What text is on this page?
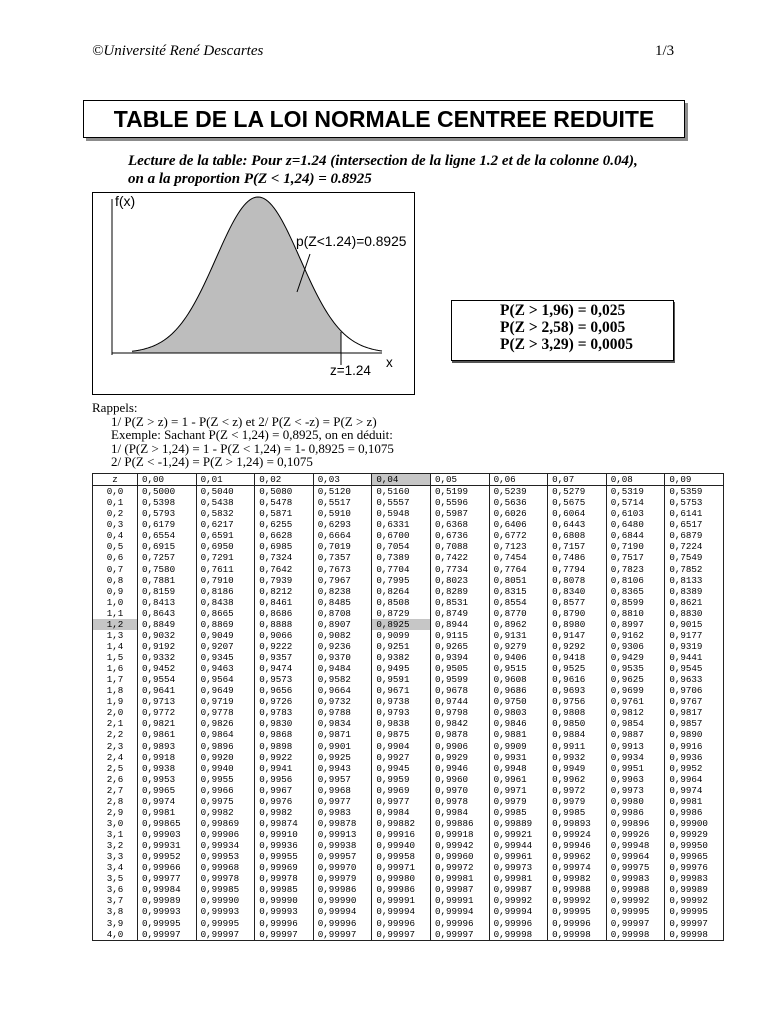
©Université René Descartes	1/3
TABLE DE LA LOI NORMALE CENTREE REDUITE
Lecture de la table: Pour z=1.24 (intersection de la ligne 1.2 et de la colonne 0.04),
on a la proportion P(Z < 1,24) = 0.8925
f(x)
p(Z<1.24)=0.8925
x
z=1.24
P(Z > 1,96) = 0,025
P(Z > 2,58) = 0,005
P(Z > 3,29) = 0,0005
Rappels:
1/ P(Z > z) = 1 - P(Z < z) et 2/ P(Z < -z) = P(Z > z)
Exemple: Sachant P(Z < 1,24) = 0,8925, on en déduit:
1/ (P(Z > 1,24) = 1 - P(Z < 1,24) = 1- 0,8925 = 0,1075
2/ P(Z < -1,24) = P(Z > 1,24) = 0,1075
z	0,00	0,01	0,02	0,03	0,04	0,05	0,06	0,07	0,08	0,09
0,0	0,5000	0,5040	0,5080	0,5120	0,5160	0,5199	0,5239	0,5279	0,5319	0,5359
0,1	0,5398	0,5438	0,5478	0,5517	0,5557	0,5596	0,5636	0,5675	0,5714	0,5753
0,2	0,5793	0,5832	0,5871	0,5910	0,5948	0,5987	0,6026	0,6064	0,6103	0,6141
0,3	0,6179	0,6217	0,6255	0,6293	0,6331	0,6368	0,6406	0,6443	0,6480	0,6517
0,4	0,6554	0,6591	0,6628	0,6664	0,6700	0,6736	0,6772	0,6808	0,6844	0,6879
0,5	0,6915	0,6950	0,6985	0,7019	0,7054	0,7088	0,7123	0,7157	0,7190	0,7224
0,6	0,7257	0,7291	0,7324	0,7357	0,7389	0,7422	0,7454	0,7486	0,7517	0,7549
0,7	0,7580	0,7611	0,7642	0,7673	0,7704	0,7734	0,7764	0,7794	0,7823	0,7852
0,8	0,7881	0,7910	0,7939	0,7967	0,7995	0,8023	0,8051	0,8078	0,8106	0,8133
0,9	0,8159	0,8186	0,8212	0,8238	0,8264	0,8289	0,8315	0,8340	0,8365	0,8389
1,0	0,8413	0,8438	0,8461	0,8485	0,8508	0,8531	0,8554	0,8577	0,8599	0,8621
1,1	0,8643	0,8665	0,8686	0,8708	0,8729	0,8749	0,8770	0,8790	0,8810	0,8830
1,2	0,8849	0,8869	0,8888	0,8907	0,8925	0,8944	0,8962	0,8980	0,8997	0,9015
1,3	0,9032	0,9049	0,9066	0,9082	0,9099	0,9115	0,9131	0,9147	0,9162	0,9177
1,4	0,9192	0,9207	0,9222	0,9236	0,9251	0,9265	0,9279	0,9292	0,9306	0,9319
1,5	0,9332	0,9345	0,9357	0,9370	0,9382	0,9394	0,9406	0,9418	0,9429	0,9441
1,6	0,9452	0,9463	0,9474	0,9484	0,9495	0,9505	0,9515	0,9525	0,9535	0,9545
1,7	0,9554	0,9564	0,9573	0,9582	0,9591	0,9599	0,9608	0,9616	0,9625	0,9633
1,8	0,9641	0,9649	0,9656	0,9664	0,9671	0,9678	0,9686	0,9693	0,9699	0,9706
1,9	0,9713	0,9719	0,9726	0,9732	0,9738	0,9744	0,9750	0,9756	0,9761	0,9767
2,0	0,9772	0,9778	0,9783	0,9788	0,9793	0,9798	0,9803	0,9808	0,9812	0,9817
2,1	0,9821	0,9826	0,9830	0,9834	0,9838	0,9842	0,9846	0,9850	0,9854	0,9857
2,2	0,9861	0,9864	0,9868	0,9871	0,9875	0,9878	0,9881	0,9884	0,9887	0,9890
2,3	0,9893	0,9896	0,9898	0,9901	0,9904	0,9906	0,9909	0,9911	0,9913	0,9916
2,4	0,9918	0,9920	0,9922	0,9925	0,9927	0,9929	0,9931	0,9932	0,9934	0,9936
2,5	0,9938	0,9940	0,9941	0,9943	0,9945	0,9946	0,9948	0,9949	0,9951	0,9952
2,6	0,9953	0,9955	0,9956	0,9957	0,9959	0,9960	0,9961	0,9962	0,9963	0,9964
2,7	0,9965	0,9966	0,9967	0,9968	0,9969	0,9970	0,9971	0,9972	0,9973	0,9974
2,8	0,9974	0,9975	0,9976	0,9977	0,9977	0,9978	0,9979	0,9979	0,9980	0,9981
2,9	0,9981	0,9982	0,9982	0,9983	0,9984	0,9984	0,9985	0,9985	0,9986	0,9986
3,0	0,99865	0,99869	0,99874	0,99878	0,99882	0,99886	0,99889	0,99893	0,99896	0,99900
3,1	0,99903	0,99906	0,99910	0,99913	0,99916	0,99918	0,99921	0,99924	0,99926	0,99929
3,2	0,99931	0,99934	0,99936	0,99938	0,99940	0,99942	0,99944	0,99946	0,99948	0,99950
3,3	0,99952	0,99953	0,99955	0,99957	0,99958	0,99960	0,99961	0,99962	0,99964	0,99965
3,4	0,99966	0,99968	0,99969	0,99970	0,99971	0,99972	0,99973	0,99974	0,99975	0,99976
3,5	0,99977	0,99978	0,99978	0,99979	0,99980	0,99981	0,99981	0,99982	0,99983	0,99983
3,6	0,99984	0,99985	0,99985	0,99986	0,99986	0,99987	0,99987	0,99988	0,99988	0,99989
3,7	0,99989	0,99990	0,99990	0,99990	0,99991	0,99991	0,99992	0,99992	0,99992	0,99992
3,8	0,99993	0,99993	0,99993	0,99994	0,99994	0,99994	0,99994	0,99995	0,99995	0,99995
3,9	0,99995	0,99995	0,99996	0,99996	0,99996	0,99996	0,99996	0,99996	0,99997	0,99997
4,0	0,99997	0,99997	0,99997	0,99997	0,99997	0,99997	0,99998	0,99998	0,99998	0,99998
